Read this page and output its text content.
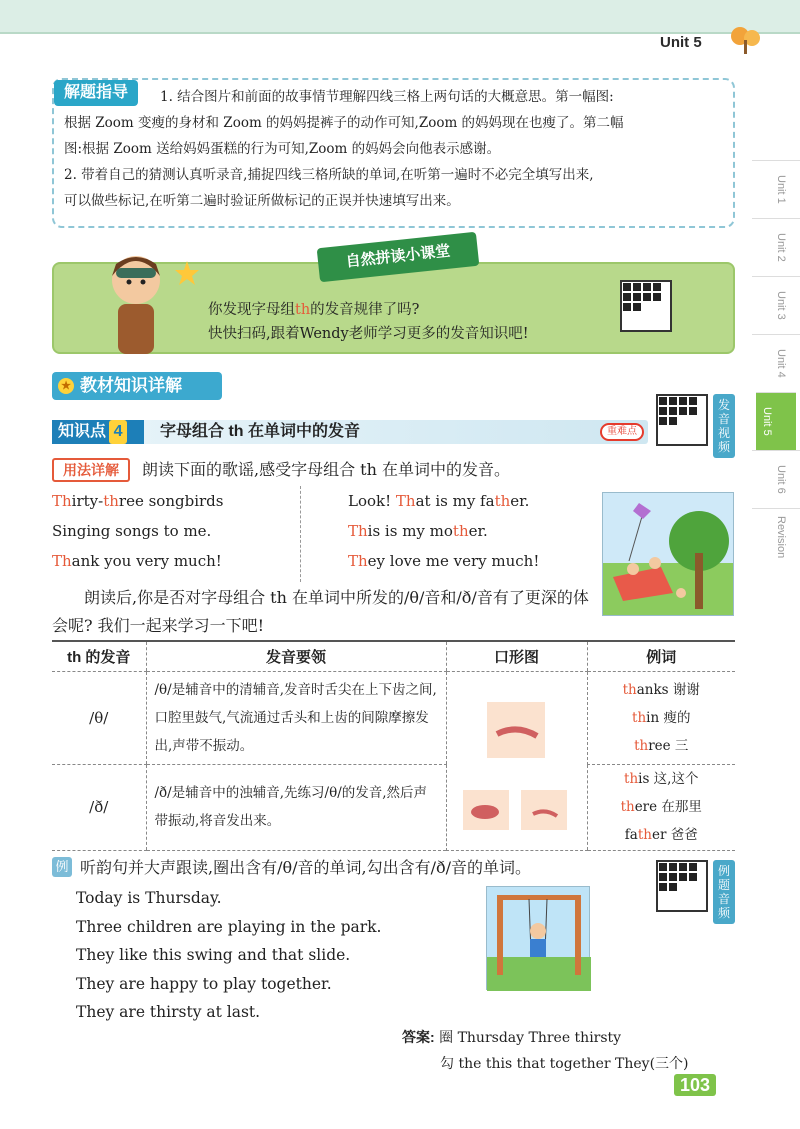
Unit 5
Unit 1
Unit 2
Unit 3
Unit 4
Unit 5
Unit 6
Revision
解题指导	1. 结合图片和前面的故事情节理解四线三格上两句话的大概意思。第一幅图:
根据 Zoom 变瘦的身材和 Zoom 的妈妈提裤子的动作可知,Zoom 的妈妈现在也瘦了。第二幅
图:根据 Zoom 送给妈妈蛋糕的行为可知,Zoom 的妈妈会向他表示感谢。
2. 带着自己的猜测认真听录音,捕捉四线三格所缺的单词,在听第一遍时不必完全填写出来,
可以做些标记,在听第二遍时验证所做标记的正误并快速填写出来。
自然拼读小课堂
你发现字母组th的发音规律了吗?
快快扫码,跟着Wendy老师学习更多的发音知识吧!
★ 教材知识详解
知识点 4	字母组合 th 在单词中的发音	重难点
发音视频
用法详解	朗读下面的歌谣,感受字母组合 th 在单词中的发音。
Thirty-three songbirds
Singing songs to me.
Thank you very much!
Look! That is my father.
This is my mother.
They love me very much!
朗读后,你是否对字母组合 th 在单词中所发的/θ/音和/ð/音有了更深的体会呢? 我们一起来学习一下吧!
th 的发音	发音要领	口形图	例词
/θ/	/θ/是辅音中的清辅音,发音时舌尖在上下齿之间,口腔里鼓气,气流通过舌头和上齿的间隙摩擦发出,声带不振动。		thanks 谢谢
thin 瘦的
three 三

/ð/	/ð/是辅音中的浊辅音,先练习/θ/的发音,然后声带振动,将音发出来。		this 这,这个
there 在那里
father 爸爸
例 听韵句并大声跟读,圈出含有/θ/音的单词,勾出含有/ð/音的单词。	例题音频
Today is Thursday.
Three children are playing in the park.
They like this swing and that slide.
They are happy to play together.
They are thirsty at last.
答案: 圈 Thursday Three thirsty
勾 the this that together They(三个)
103
